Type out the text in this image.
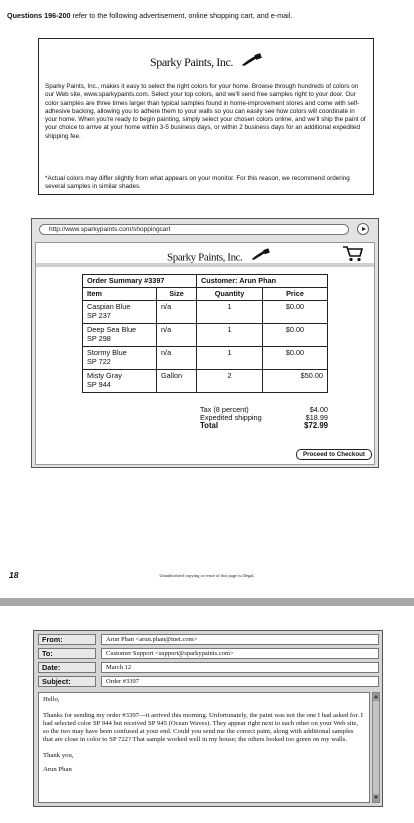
Questions 196-200 refer to the following advertisement, online shopping cart, and e-mail.
Sparky Paints, Inc.
Sparky Paints, Inc., makes it easy to select the right colors for your home. Browse through hundreds of colors on our Web site, www.sparkypaints.com. Select your top colors, and we'll send free samples right to your door. Our color samples are three times larger than typical samples found in home-improvement stores and come with self-adhesive backing, allowing you to adhere them to your walls so you can easily see how colors will coordinate in your home. When you're ready to begin painting, simply select your chosen colors online, and we'll ship the paint of your choice to arrive at your home within 3-5 business days, or within 2 business days for an additional expedited shipping fee.
*Actual colors may differ slightly from what appears on your monitor. For this reason, we recommend ordering several samples in similar shades.
http://www.sparkypaints.com/shoppingcart
Sparky Paints, Inc.
Order Summary #3397		Customer: Arun Phan	
Item	Size	Quantity	Price
Caspian Blue
SP 237	n/a	1	$0.00
Deep Sea Blue
SP 298	n/a	1	$0.00
Stormy Blue
SP 722	n/a	1	$0.00
Misty Gray
SP 944	Gallon	2	$50.00
Tax (8 percent)	$4.00
Expedited shipping	$18.99
Total	$72.99
Proceed to Checkout
18	Unauthorized copying or reuse of this page is illegal.
From:	Arun Phan <arun.phan@tnet.com>
To:	Customer Support <support@sparkypaints.com>
Date:	March 12
Subject:	Order #3397

Hello,

Thanks for sending my order #3397—it arrived this morning. Unfortunately, the paint was not the one I had asked for. I had selected color SP 944 but received SP 945 (Ocean Waves). They appear right next to each other on your Web site, so the two may have been confused at your end. Could you send me the correct paint, along with additional samples that are close in color to SP 722? That sample worked well in my house; the others looked too green on my walls.

Thank you,

Arun Phan
